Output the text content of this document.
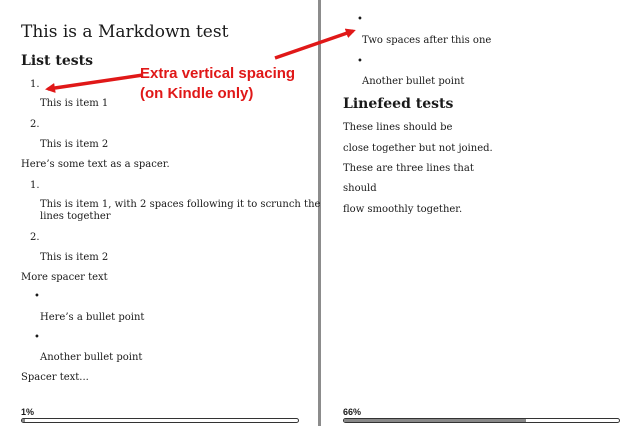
This is a Markdown test
List tests
1.
This is item 1
2.
This is item 2
Here’s some text as a spacer.
1.
This is item 1, with 2 spaces following it to scrunch the
lines together
2.
This is item 2
More spacer text
•
Here’s a bullet point
•
Another bullet point
Spacer text...
1%
•
Two spaces after this one
•
Another bullet point
Linefeed tests
These lines should be
close together but not joined.
These are three lines that
should
flow smoothly together.
66%
Extra vertical spacing
(on Kindle only)
